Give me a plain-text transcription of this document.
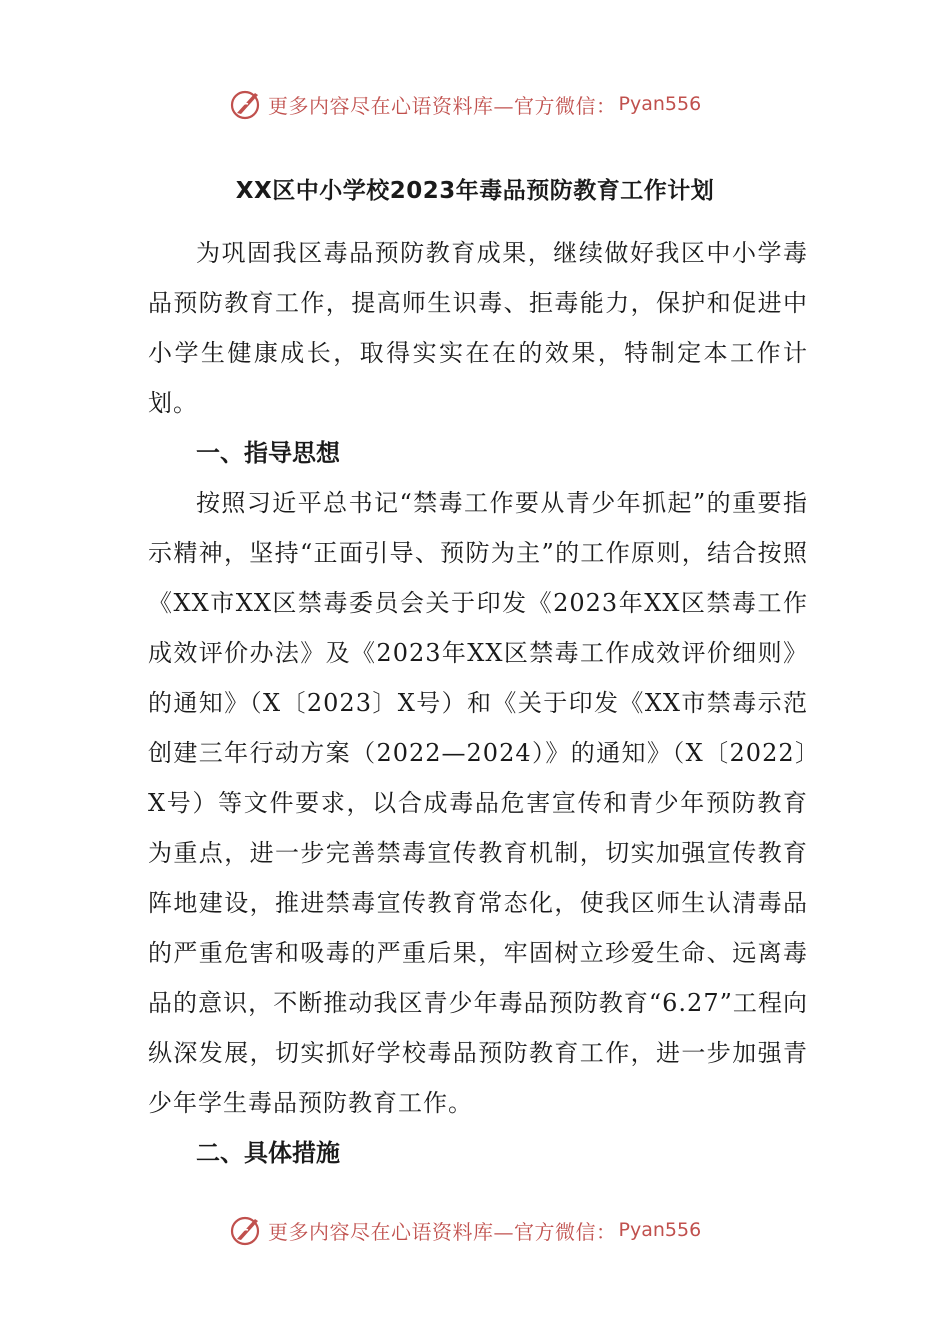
更多内容尽在心语资料库—官方微信： Pyan556
XX区中小学校2023年毒品预防教育工作计划

为巩固我区毒品预防教育成果，继续做好我区中小学毒品预防教育工作，提高师生识毒、拒毒能力，保护和促进中小学生健康成长，取得实实在在的效果，特制定本工作计划。

一、指导思想

按照习近平总书记“禁毒工作要从青少年抓起”的重要指示精神，坚持“正面引导、预防为主”的工作原则，结合按照《XX市XX区禁毒委员会关于印发《2023年XX区禁毒工作成效评价办法》及《2023年XX区禁毒工作成效评价细则》的通知》（X〔2023〕X号）和《关于印发《XX市禁毒示范创建三年行动方案（2022—2024）》的通知》（X〔2022〕X号）等文件要求，以合成毒品危害宣传和青少年预防教育为重点，进一步完善禁毒宣传教育机制，切实加强宣传教育阵地建设，推进禁毒宣传教育常态化，使我区师生认清毒品的严重危害和吸毒的严重后果，牢固树立珍爱生命、远离毒品的意识，不断推动我区青少年毒品预防教育“6.27”工程向纵深发展，切实抓好学校毒品预防教育工作，进一步加强青少年学生毒品预防教育工作。

二、具体措施

更多内容尽在心语资料库—官方微信： Pyan556
